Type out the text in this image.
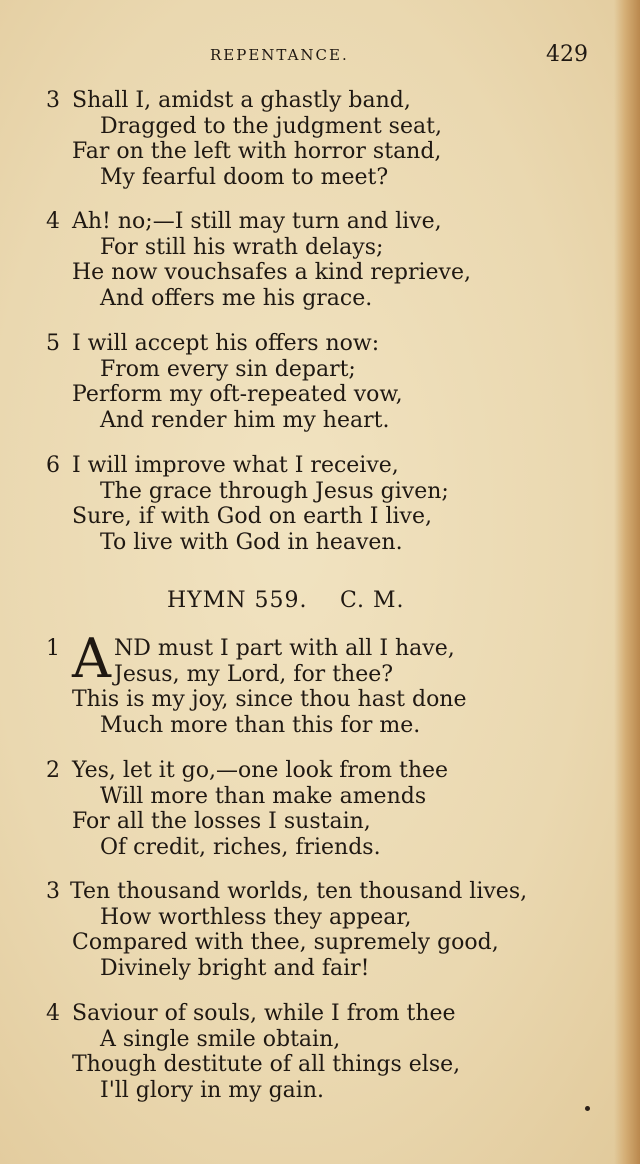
REPENTANCE.	429
3 Shall I, amidst a ghastly band,
Dragged to the judgment seat,
Far on the left with horror stand,
My fearful doom to meet?
4 Ah! no;—I still may turn and live,
For still his wrath delays;
He now vouchsafes a kind reprieve,
And offers me his grace.
5 I will accept his offers now:
From every sin depart;
Perform my oft-repeated vow,
And render him my heart.
6 I will improve what I receive,
The grace through Jesus given;
Sure, if with God on earth I live,
To live with God in heaven.
HYMN 559. C. M.
1 A ND must I part with all I have,
Jesus, my Lord, for thee?
This is my joy, since thou hast done
Much more than this for me.
2 Yes, let it go,—one look from thee
Will more than make amends
For all the losses I sustain,
Of credit, riches, friends.
3 Ten thousand worlds, ten thousand lives,
How worthless they appear,
Compared with thee, supremely good,
Divinely bright and fair!
4 Saviour of souls, while I from thee
A single smile obtain,
Though destitute of all things else,
I'll glory in my gain.
